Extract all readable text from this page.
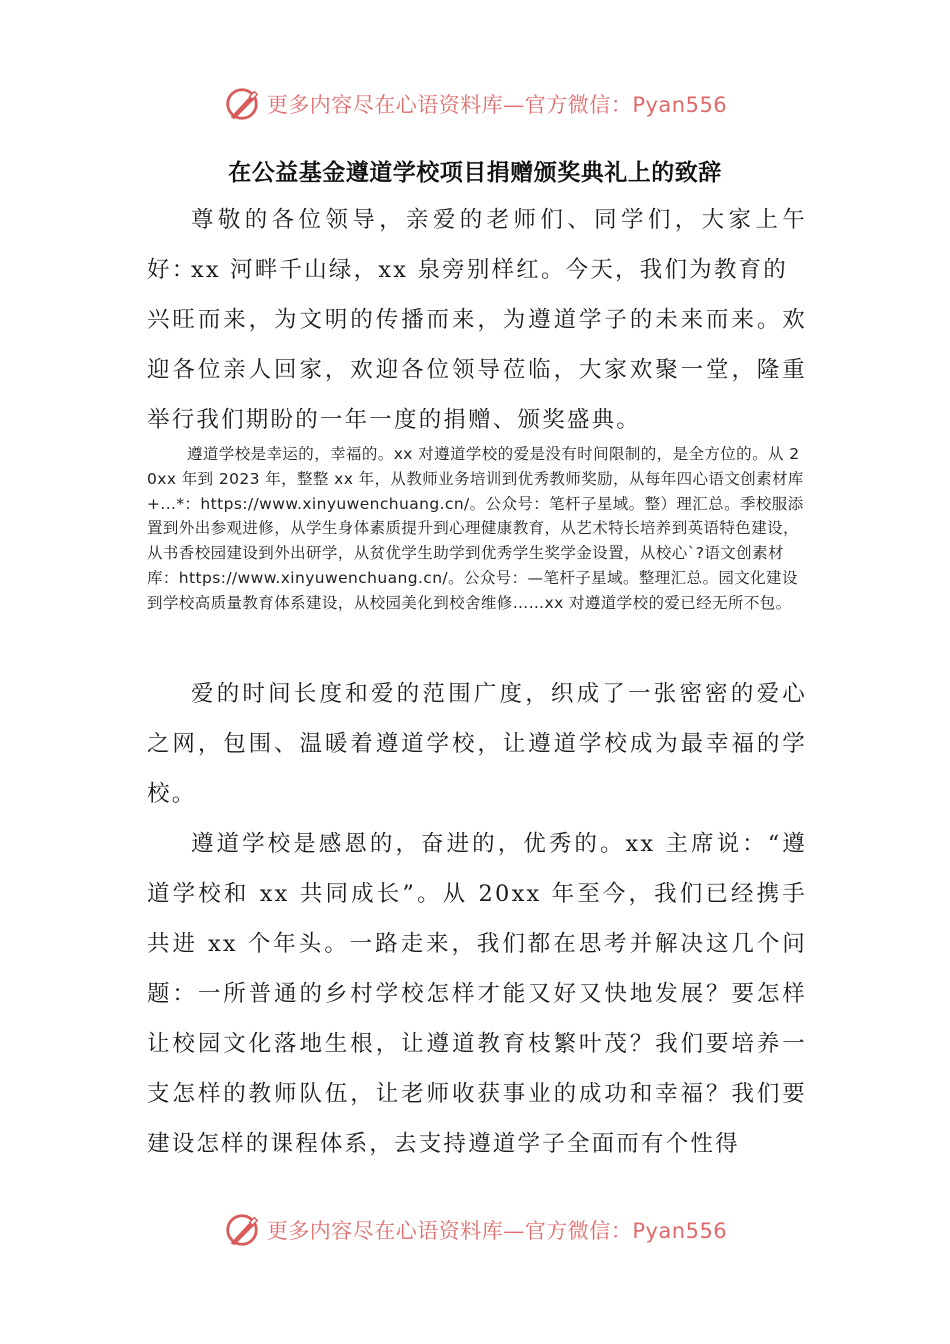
更多内容尽在心语资料库—官方微信：Pyan556
在公益基金遵道学校项目捐赠颁奖典礼上的致辞

尊敬的各位领导，亲爱的老师们、同学们，大家上午好：

xx 河畔千山绿，xx 泉旁别样红。今天，我们为教育的

兴旺而来，为文明的传播而来，为遵道学子的未来而来。欢迎各位亲人回家，欢迎各位领导莅临，大家欢聚一堂，隆重举行我们期盼的一年一度的捐赠、颁奖盛典。

遵道学校是幸运的，幸福的。xx 对遵道学校的爱是没有时间限制的，是全方位的。从 20xx 年到 2023 年，整整 xx 年，从教师业务培训到优秀教师奖励，从每年四心语文创素材库+...*：https://www.xinyuwenchuang.cn/。公众号：笔杆子星域。整）理汇总。季校服添置到外出参观进修，从学生身体素质提升到心理健康教育，从艺术特长培养到英语特色建设，从书香校园建设到外出研学，从贫优学生助学到优秀学生奖学金设置，从校心`?语文创素材库：https://www.xinyuwenchuang.cn/。公众号：—笔杆子星域。整理汇总。园文化建设到学校高质量教育体系建设，从校园美化到校舍维修……xx 对遵道学校的爱已经无所不包。

爱的时间长度和爱的范围广度，织成了一张密密的爱心之网，包围、温暖着遵道学校，让遵道学校成为最幸福的学校。

遵道学校是感恩的，奋进的，优秀的。xx 主席说：“遵道学校和 xx 共同成长”。从 20xx 年至今，我们已经携手共进 xx 个年头。一路走来，我们都在思考并解决这几个问题：一所普通的乡村学校怎样才能又好又快地发展？要怎样让校园文化落地生根，让遵道教育枝繁叶茂？我们要培养一支怎样的教师队伍，让老师收获事业的成功和幸福？我们要建设怎样的课程体系，去支持遵道学子全面而有个性得

更多内容尽在心语资料库—官方微信：Pyan556
